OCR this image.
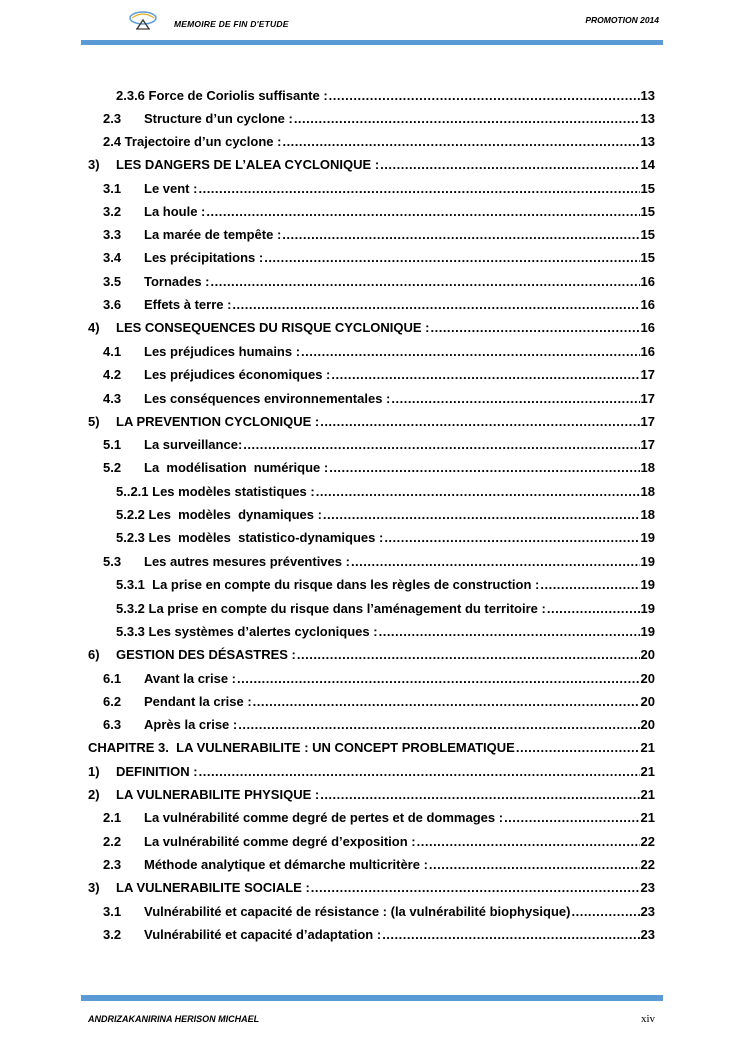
MEMOIRE DE FIN D'ETUDE	PROMOTION 2014
2.3.6 Force de Coriolis suffisante : .....	13
2.3	Structure d’un cyclone : .....	13
2.4 Trajectoire d’un cyclone : .....	13
3)	LES DANGERS DE L’ALEA CYCLONIQUE : .....	14
3.1	Le vent : .....	15
3.2	La houle : .....	15
3.3	La marée de tempête : .....	15
3.4	Les précipitations : .....	15
3.5	Tornades : .....	16
3.6	Effets à terre : .....	16
4)	LES CONSEQUENCES DU RISQUE CYCLONIQUE : .....	16
4.1	Les préjudices humains : .....	16
4.2	Les préjudices économiques : .....	17
4.3	Les conséquences environnementales : .....	17
5)	LA PREVENTION CYCLONIQUE : .....	17
5.1	La surveillance: .....	17
5.2	La  modélisation  numérique : .....	18
5..2.1 Les modèles statistiques : .....	18
5.2.2 Les  modèles  dynamiques : .....	18
5.2.3 Les  modèles  statistico-dynamiques : .....	19
5.3	Les autres mesures préventives : .....	19
5.3.1  La prise en compte du risque dans les règles de construction : .....	19
5.3.2 La prise en compte du risque dans l’aménagement du territoire : .....	19
5.3.3 Les systèmes d’alertes cycloniques : .....	19
6)	GESTION DES DÉSASTRES : .....	20
6.1	Avant la crise : .....	20
6.2	Pendant la crise : .....	20
6.3	Après la crise : .....	20
CHAPITRE 3.  LA VULNERABILITE : UN CONCEPT PROBLEMATIQUE .....	21
1)	DEFINITION : .....	21
2)	LA VULNERABILITE PHYSIQUE : .....	21
2.1	La vulnérabilité comme degré de pertes et de dommages : .....	21
2.2	La vulnérabilité comme degré d’exposition : .....	22
2.3	Méthode analytique et démarche multicritère : .....	22
3)	LA VULNERABILITE SOCIALE : .....	23
3.1	Vulnérabilité et capacité de résistance : (la vulnérabilité biophysique) .....	23
3.2	Vulnérabilité et capacité d’adaptation : .....	23
ANDRIZAKANIRINA HERISON MICHAEL	xiv
